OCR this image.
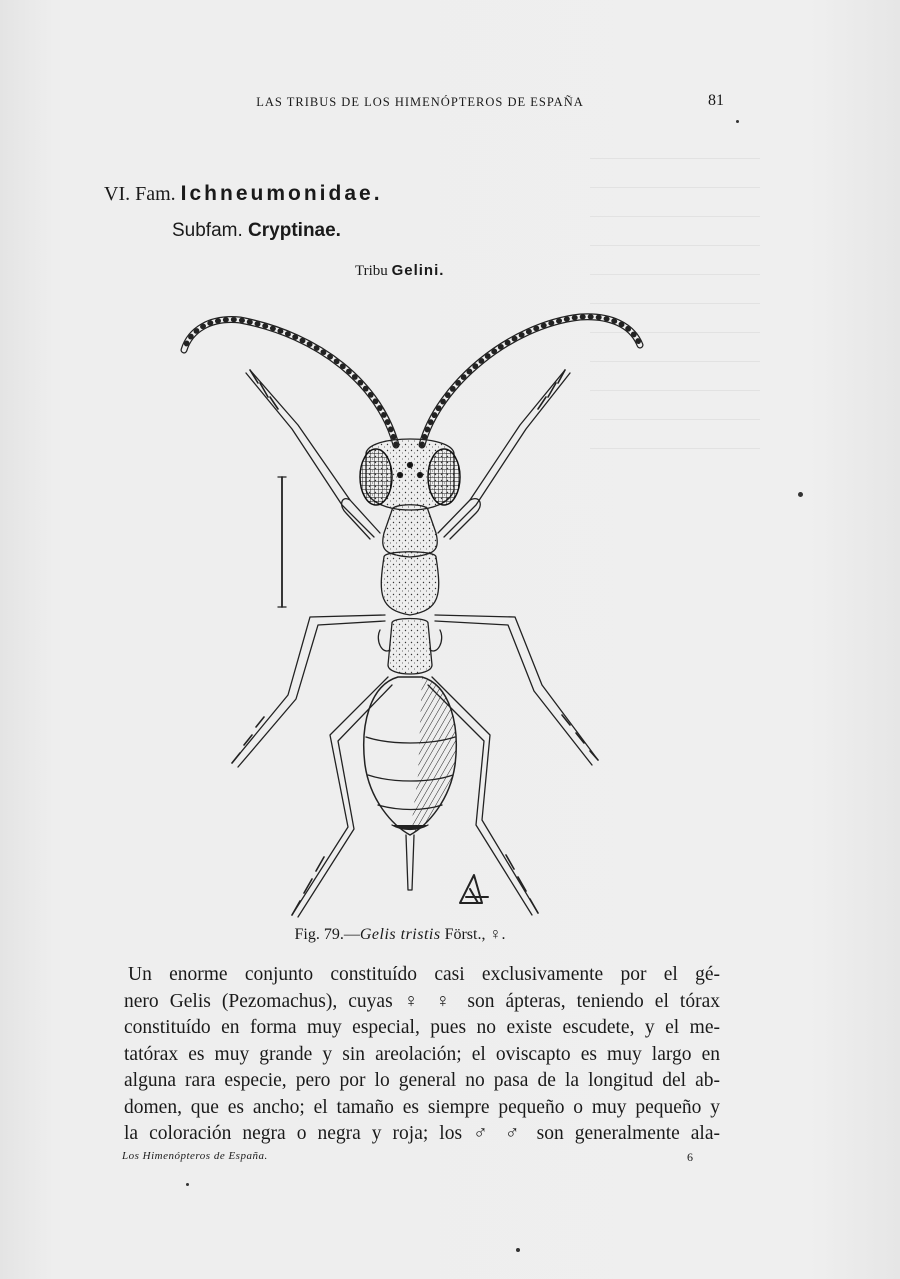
LAS TRIBUS DE LOS HIMENÓPTEROS DE ESPAÑA	81
VI. Fam. Ichneumonidae.
Subfam. Cryptinae.
Tribu Gelini.
Fig. 79.—Gelis tristis Först., ♀.
Un enorme conjunto constituído casi exclusivamente por el gé-
nero Gelis (Pezomachus), cuyas ♀ ♀ son ápteras, teniendo el tórax
constituído en forma muy especial, pues no existe escudete, y el me-
tatórax es muy grande y sin areolación; el oviscapto es muy largo en
alguna rara especie, pero por lo general no pasa de la longitud del ab-
domen, que es ancho; el tamaño es siempre pequeño o muy pequeño y
la coloración negra o negra y roja; los ♂ ♂ son generalmente ala-
Los Himenópteros de España.	6
